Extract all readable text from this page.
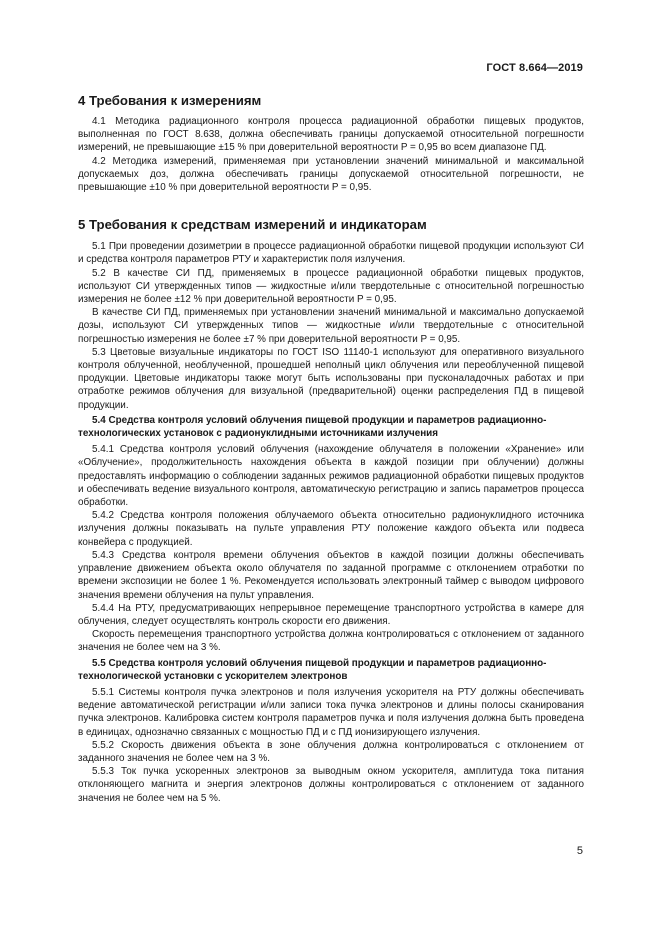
ГОСТ 8.664—2019
4 Требования к измерениям

4.1 Методика радиационного контроля процесса радиационной обработки пищевых продуктов, выполненная по ГОСТ 8.638, должна обеспечивать границы допускаемой относительной погрешности измерений, не превышающие ±15 % при доверительной вероятности P = 0,95 во всем диапазоне ПД.

4.2 Методика измерений, применяемая при установлении значений минимальной и максимальной допускаемых доз, должна обеспечивать границы допускаемой относительной погрешности, не превышающие ±10 % при доверительной вероятности P = 0,95.

5 Требования к средствам измерений и индикаторам

5.1 При проведении дозиметрии в процессе радиационной обработки пищевой продукции используют СИ и средства контроля параметров РТУ и характеристик поля излучения.

5.2 В качестве СИ ПД, применяемых в процессе радиационной обработки пищевых продуктов, используют СИ утвержденных типов — жидкостные и/или твердотельные с относительной погрешностью измерения не более ±12 % при доверительной вероятности P = 0,95.

В качестве СИ ПД, применяемых при установлении значений минимальной и максимально допускаемой дозы, используют СИ утвержденных типов — жидкостные и/или твердотельные с относительной погрешностью измерения не более ±7 % при доверительной вероятности P = 0,95.

5.3 Цветовые визуальные индикаторы по ГОСТ ISO 11140-1 используют для оперативного визуального контроля облученной, необлученной, прошедшей неполный цикл облучения или переоблученной пищевой продукции. Цветовые индикаторы также могут быть использованы при пусконаладочных работах и при отработке режимов облучения для визуальной (предварительной) оценки распределения ПД в пищевой продукции.

5.4 Средства контроля условий облучения пищевой продукции и параметров радиационно-технологических установок с радионуклидными источниками излучения

5.4.1 Средства контроля условий облучения (нахождение облучателя в положении «Хранение» или «Облучение», продолжительность нахождения объекта в каждой позиции при облучении) должны предоставлять информацию о соблюдении заданных режимов радиационной обработки пищевых продуктов и обеспечивать ведение визуального контроля, автоматическую регистрацию и запись параметров процесса обработки.

5.4.2 Средства контроля положения облучаемого объекта относительно радионуклидного источника излучения должны показывать на пульте управления РТУ положение каждого объекта или подвеса конвейера с продукцией.

5.4.3 Средства контроля времени облучения объектов в каждой позиции должны обеспечивать управление движением объекта около облучателя по заданной программе с отклонением отработки по времени экспозиции не более 1 %. Рекомендуется использовать электронный таймер с выводом цифрового значения времени облучения на пульт управления.

5.4.4 На РТУ, предусматривающих непрерывное перемещение транспортного устройства в камере для облучения, следует осуществлять контроль скорости его движения.

Скорость перемещения транспортного устройства должна контролироваться с отклонением от заданного значения не более чем на 3 %.

5.5 Средства контроля условий облучения пищевой продукции и параметров радиационно-технологической установки с ускорителем электронов

5.5.1 Системы контроля пучка электронов и поля излучения ускорителя на РТУ должны обеспечивать ведение автоматической регистрации и/или записи тока пучка электронов и длины полосы сканирования пучка электронов. Калибровка систем контроля параметров пучка и поля излучения должна быть проведена в единицах, однозначно связанных с мощностью ПД и с ПД ионизирующего излучения.

5.5.2 Скорость движения объекта в зоне облучения должна контролироваться с отклонением от заданного значения не более чем на 3 %.

5.5.3 Ток пучка ускоренных электронов за выводным окном ускорителя, амплитуда тока питания отклоняющего магнита и энергия электронов должны контролироваться с отклонением от заданного значения не более чем на 5 %.

5
